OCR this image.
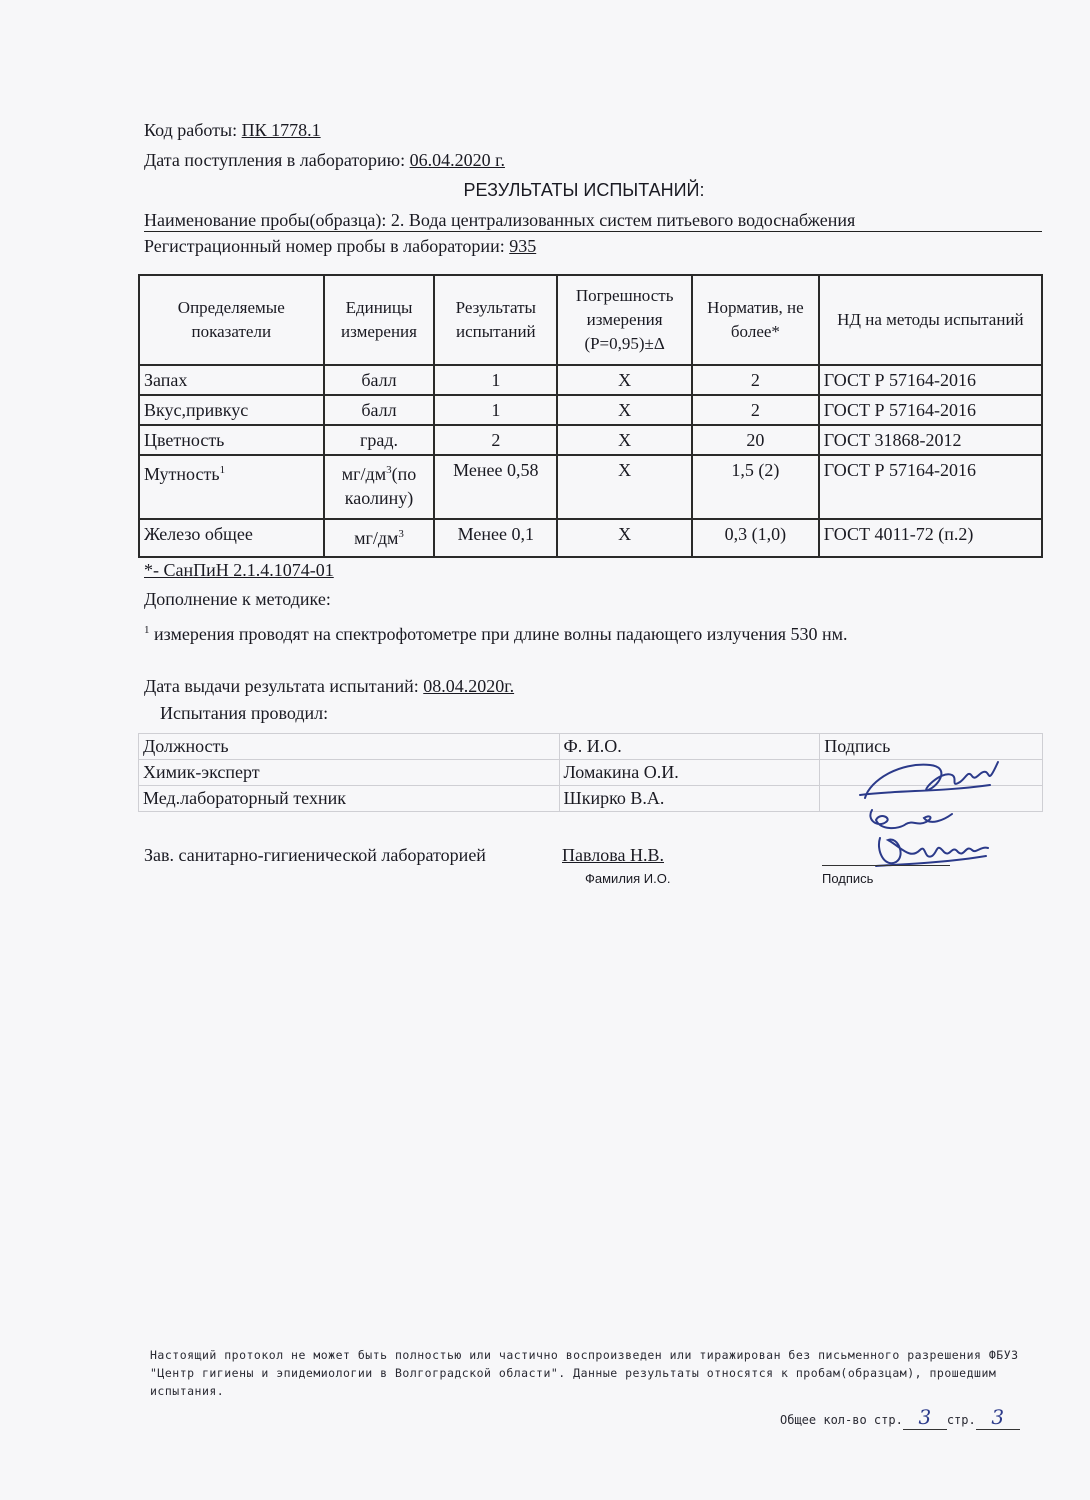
Код работы: ПК 1778.1
Дата поступления в лабораторию: 06.04.2020 г.
РЕЗУЛЬТАТЫ ИСПЫТАНИЙ:
Наименование пробы(образца): 2. Вода централизованных систем питьевого водоснабжения
Регистрационный номер пробы в лаборатории: 935
Определяемые показатели	Единицы измерения	Результаты испытаний	Погрешность измерения (P=0,95)±Δ	Норматив, не более*	НД на методы испытаний
Запах	балл	1	X	2	ГОСТ Р 57164-2016
Вкус,привкус	балл	1	X	2	ГОСТ Р 57164-2016
Цветность	град.	2	X	20	ГОСТ 31868-2012
Мутность$^1$	$мг/дм^3(по$ каолину)	Менее 0,58	X	1,5 (2)	ГОСТ Р 57164-2016
Железо общее	$мг/дм^3$	Менее 0,1	X	0,3 (1,0)	ГОСТ 4011-72 (п.2)
*- СанПиН 2.1.4.1074-01
Дополнение к методике:
$^1$ измерения проводят на спектрофотометре при длине волны падающего излучения 530 нм.
Дата выдачи результата испытаний: 08.04.2020г.
Испытания проводил:
Должность	Ф. И.О.	Подпись
Химик-эксперт	Ломакина О.И.	
Мед.лабораторный техник	Шкирко В.А.	
Зав. санитарно-гигиенической лабораторией	Павлова Н.В.
Фамилия И.О.	Подпись
Настоящий протокол не может быть полностью или частично воспроизведен или тиражирован без письменного разрешения ФБУЗ "Центр гигиены и эпидемиологии в Волгоградской области". Данные результаты относятся к пробам(образцам), прошедшим испытания.
Общее кол-во стр. 3 стр. 3
